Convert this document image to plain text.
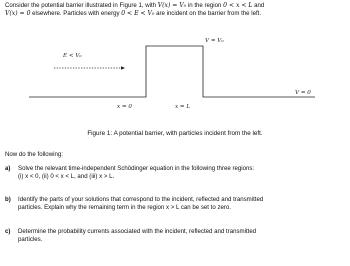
Consider the potential barrier illustrated in Figure 1, with V(x) = V₀ in the region 0 < x < L and
V(x) = 0 elsewhere. Particles with energy 0 < E < V₀ are incident on the barrier from the left.
E < V₀
V = V₀
V = 0
x = 0	x = L
Figure 1: A potential barrier, with particles incident from the left.
Now do the following:
a)	Solve the relevant time-independent Schödinger equation in the following three regions:
(i) x < 0, (ii) 0 < x < L, and (iii) x > L.
b)	Identify the parts of your solutions that correspond to the incident, reflected and transmitted
particles. Explain why the remaining term in the region x > L can be set to zero.
c)	Determine the probability currents associated with the incident, reflected and transmitted
particles.
